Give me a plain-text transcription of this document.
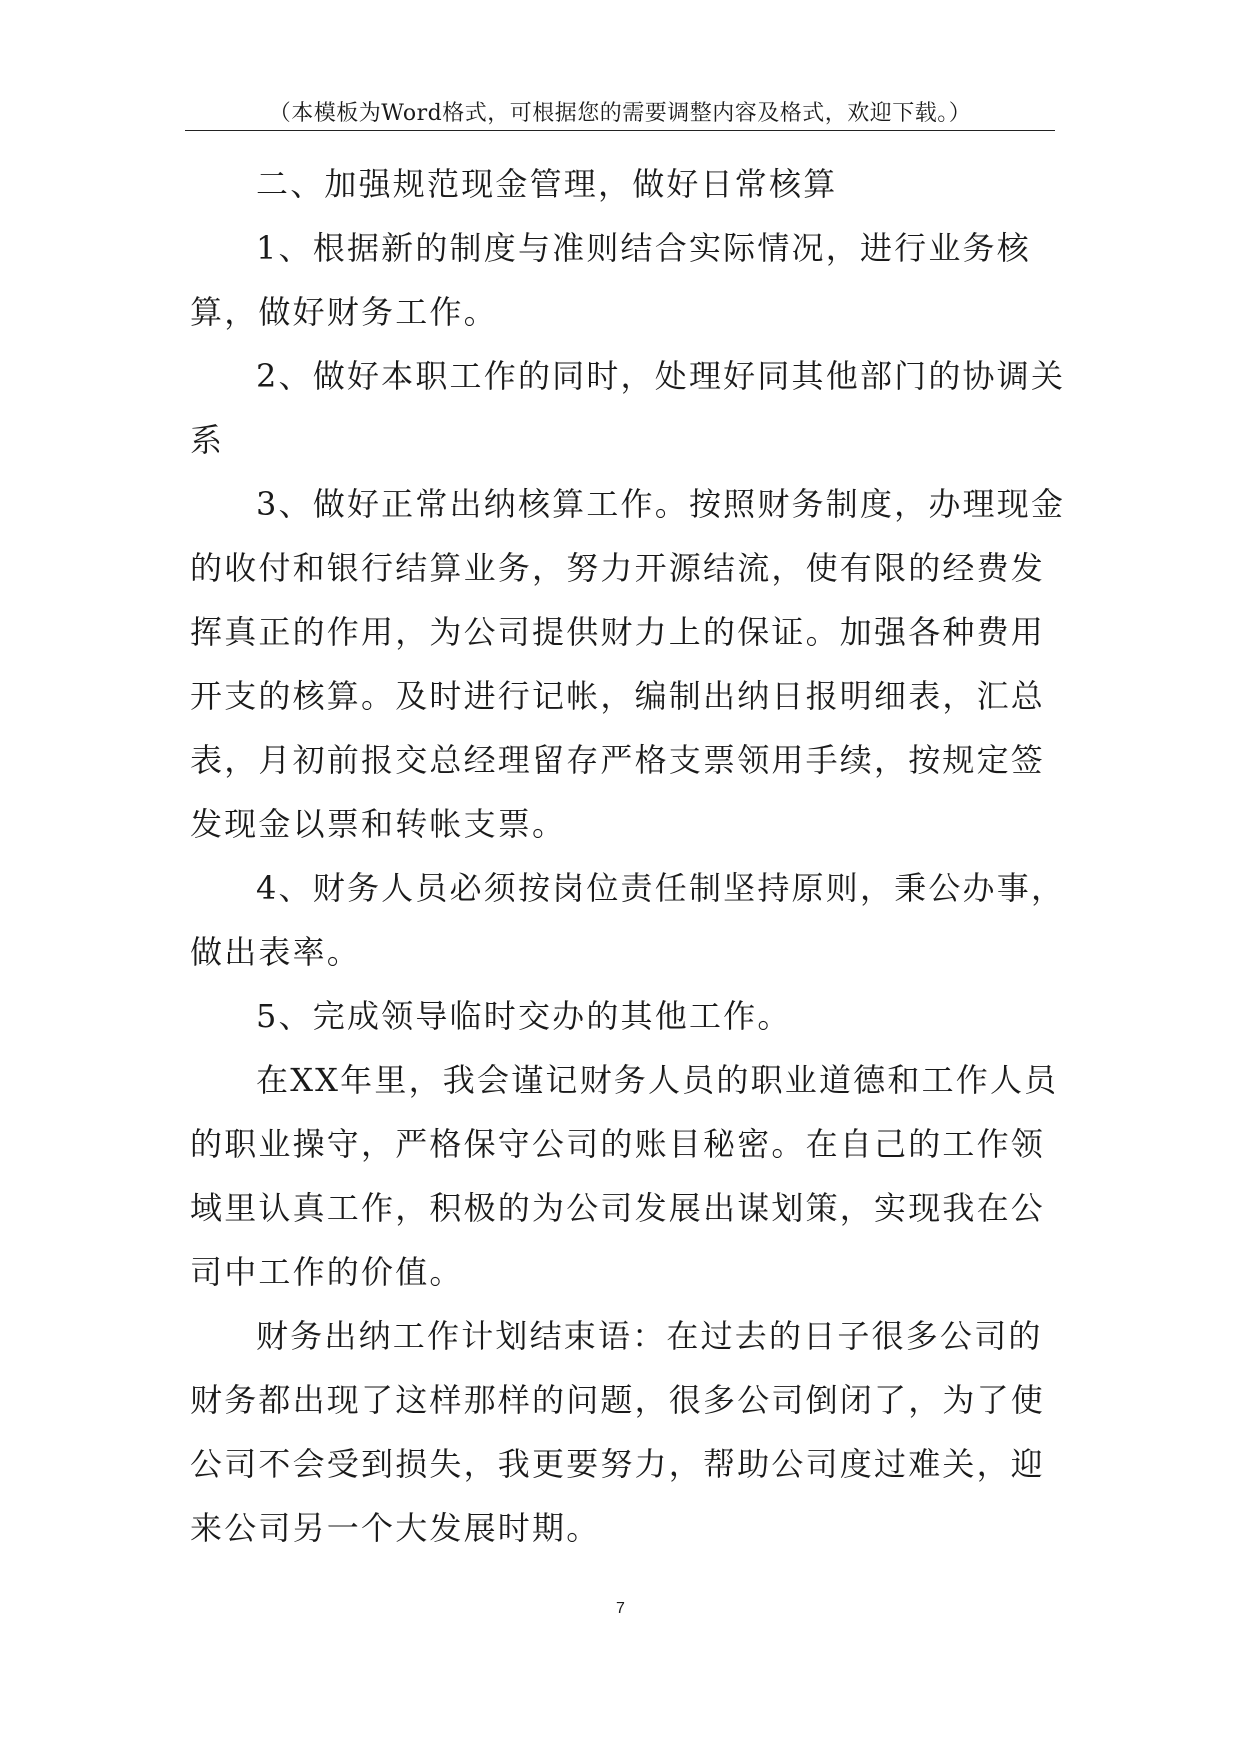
（本模板为Word格式，可根据您的需要调整内容及格式，欢迎下载。）

二、加强规范现金管理，做好日常核算

1、根据新的制度与准则结合实际情况，进行业务核算，做好财务工作。

2、做好本职工作的同时，处理好同其他部门的协调关系

3、做好正常出纳核算工作。按照财务制度，办理现金的收付和银行结算业务，努力开源结流，使有限的经费发挥真正的作用，为公司提供财力上的保证。加强各种费用开支的核算。及时进行记帐，编制出纳日报明细表，汇总表，月初前报交总经理留存严格支票领用手续，按规定签发现金以票和转帐支票。

4、财务人员必须按岗位责任制坚持原则，秉公办事，做出表率。

5、完成领导临时交办的其他工作。

在XX年里，我会谨记财务人员的职业道德和工作人员的职业操守，严格保守公司的账目秘密。在自己的工作领域里认真工作，积极的为公司发展出谋划策，实现我在公司中工作的价值。

财务出纳工作计划结束语：在过去的日子很多公司的财务都出现了这样那样的问题，很多公司倒闭了，为了使公司不会受到损失，我更要努力，帮助公司度过难关，迎来公司另一个大发展时期。

7
